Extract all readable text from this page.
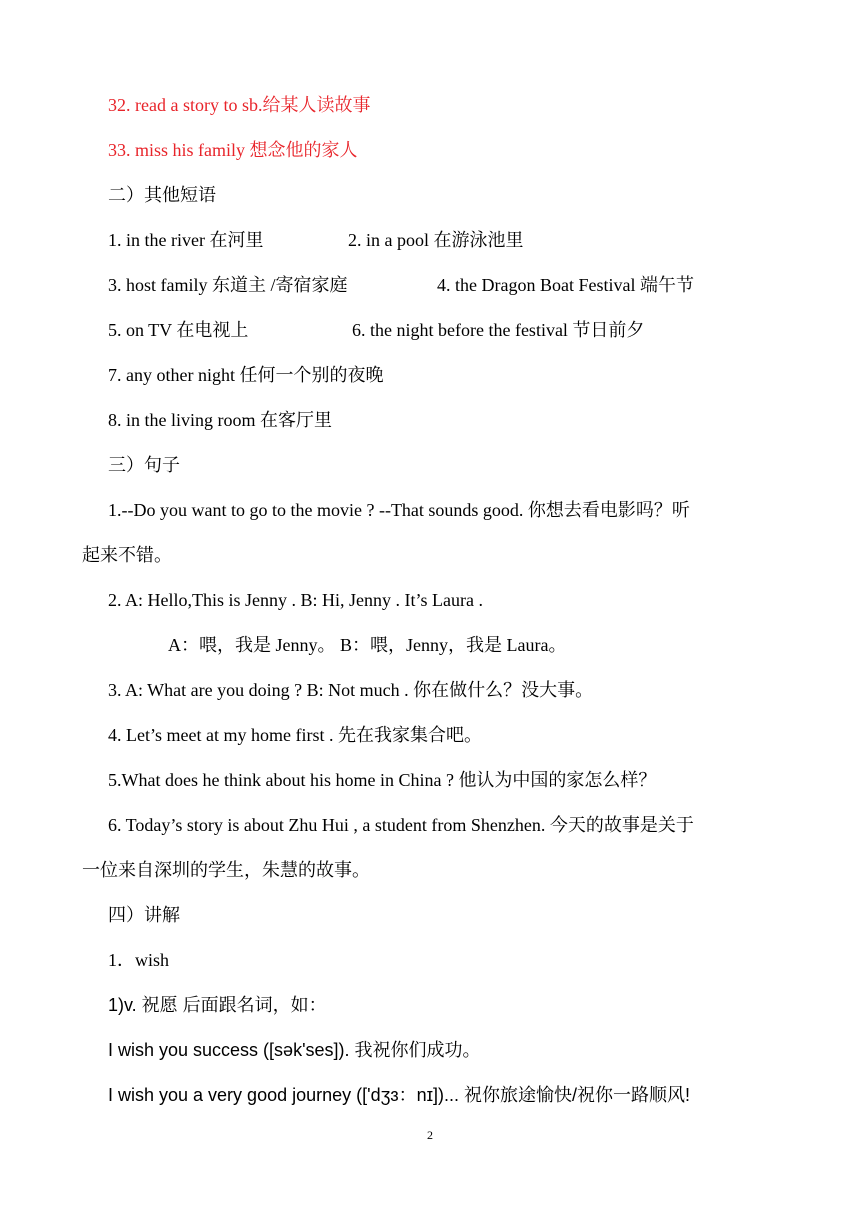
32. read a story to sb.给某人读故事
33. miss his family 想念他的家人
二）其他短语
1. in the river 在河里	2. in a pool 在游泳池里
3. host family 东道主 /寄宿家庭	4. the Dragon Boat Festival 端午节
5. on TV 在电视上	6. the night before the festival 节日前夕
7. any other night 任何一个别的夜晚
8. in the living room 在客厅里
三）句子
1.--Do you want to go to the movie ? --That sounds good. 你想去看电影吗？听
起来不错。
2. A: Hello,This is Jenny . B: Hi, Jenny . It’s Laura .
A：喂，我是 Jenny。 B：喂，Jenny，我是 Laura。
3. A: What are you doing ? B: Not much . 你在做什么？没大事。
4. Let’s meet at my home first . 先在我家集合吧。
5.What does he think about his home in China ? 他认为中国的家怎么样？
6. Today’s story is about Zhu Hui , a student from Shenzhen. 今天的故事是关于
一位来自深圳的学生，朱慧的故事。
四）讲解
1．wish
1)v. 祝愿 后面跟名词，如：
I wish you success ([sək'ses]). 我祝你们成功。
I wish you a very good journey (['dʒɜ：nɪ])... 祝你旅途愉快/祝你一路顺风!
2
